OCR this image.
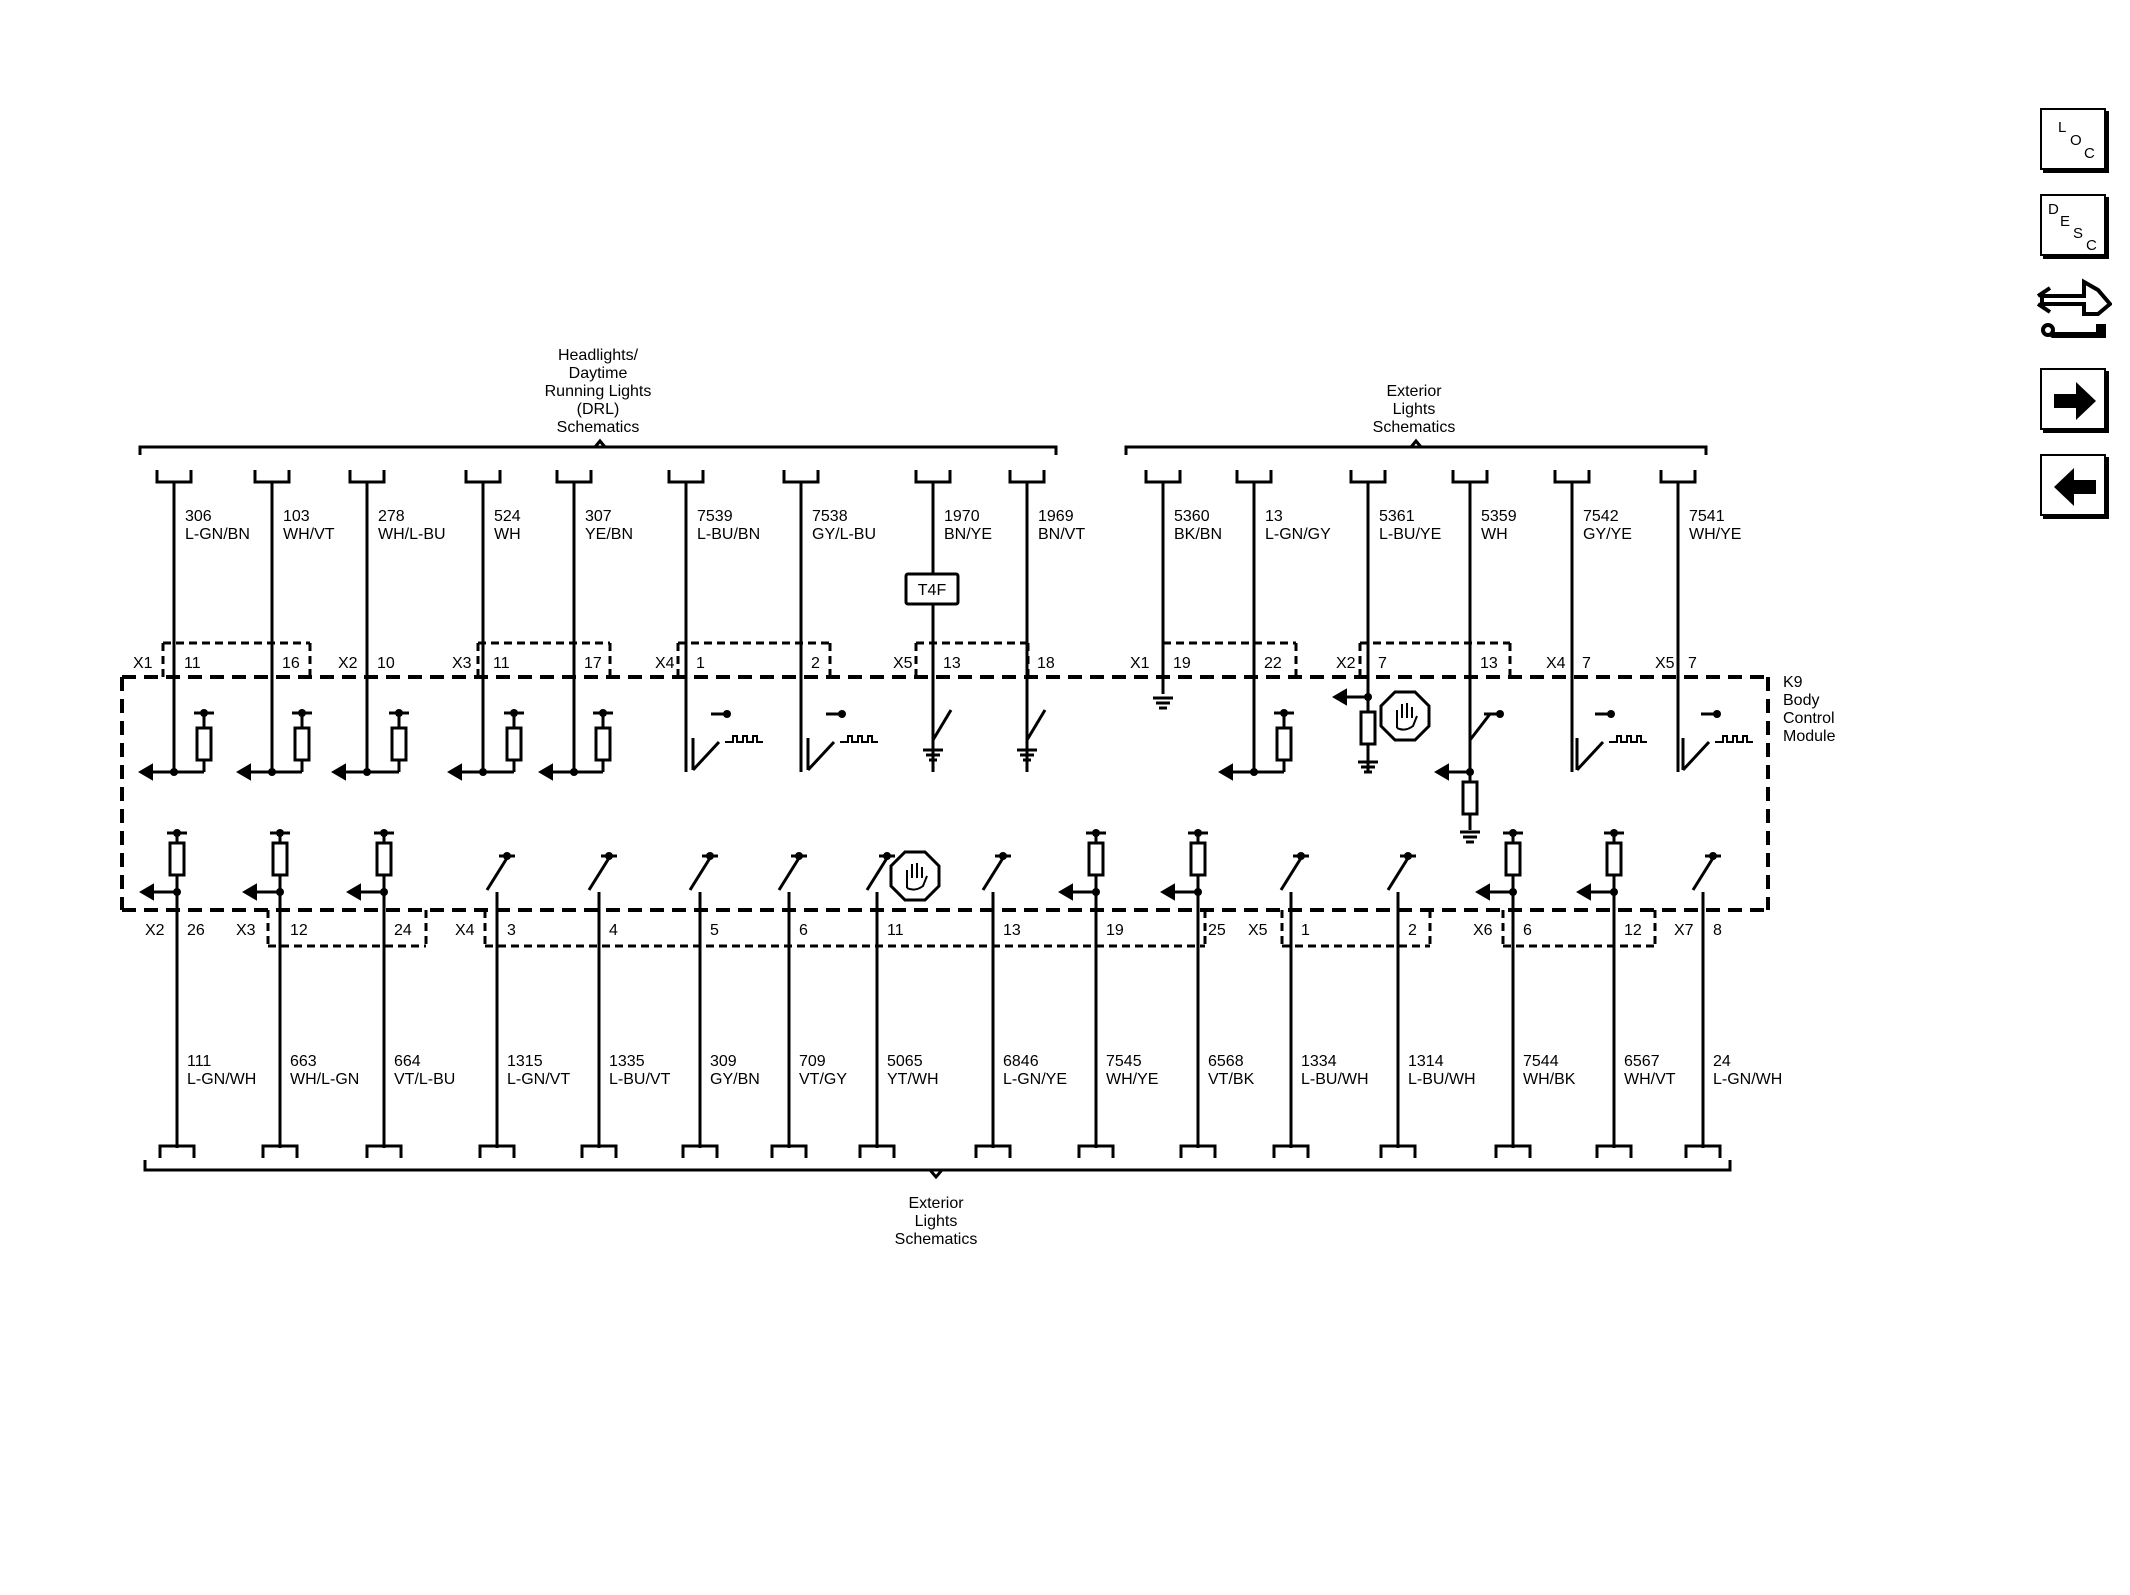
Headlights/
Daytime
Running Lights
(DRL)
Schematics
Exterior
Lights
Schematics
Exterior
Lights
Schematics
K9
Body
Control
Module
X1	X2	X3	X4	X5	X1	X2	X4	X5
306
L-GN/BN
11
103
WH/VT
16
278
WH/L-BU
10
524
WH
11
307
YE/BN
17
7539
L-BU/BN
1
7538
GY/L-BU
2
1970
BN/YE
13
1969
BN/VT
18
5360
BK/BN
19
13
L-GN/GY
22
5361
L-BU/YE
7
5359
WH
13
7542
GY/YE
7
7541
WH/YE
7
T4F
X2	X3	X4	X5	X6	X7
111
L-GN/WH
26
663
WH/L-GN
12
664
VT/L-BU
24
1315
L-GN/VT
3
1335
L-BU/VT
4
309
GY/BN
5
709
VT/GY
6
5065
YT/WH
11
6846
L-GN/YE
13
7545
WH/YE
19
6568
VT/BK
25
1334
L-BU/WH
1
1314
L-BU/WH
2
7544
WH/BK
6
6567
WH/VT
12
24
L-GN/WH
8
L
O
C
D
E
S
C
